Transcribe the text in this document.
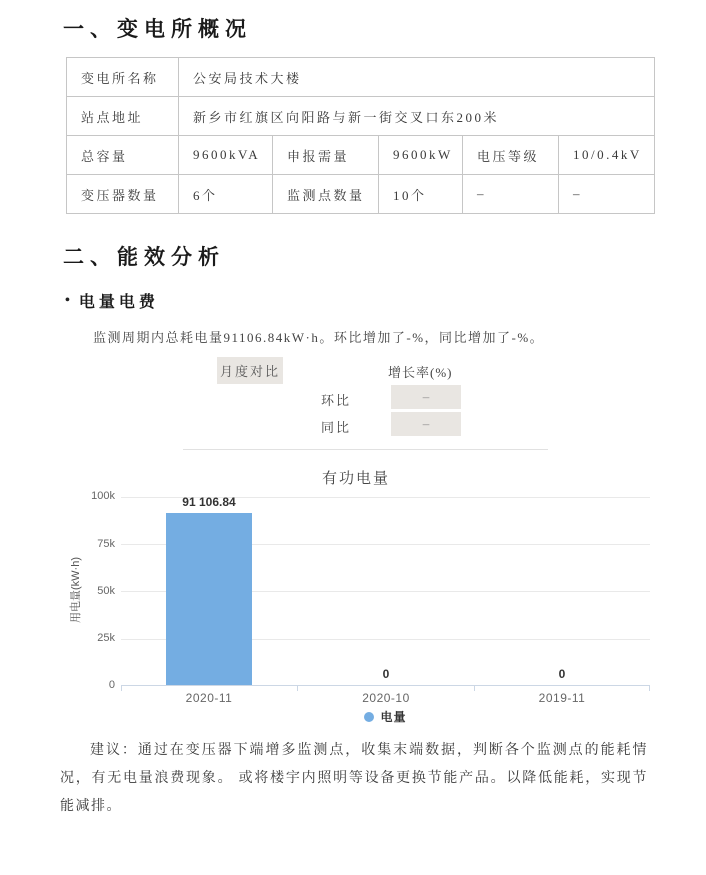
一、变电所概况
变电所名称	公安局技术大楼				
站点地址	新乡市红旗区向阳路与新一街交叉口东200米				
总容量	9600kVA	申报需量	9600kW	电压等级	10/0.4kV
变压器数量	6个	监测点数量	10个	–	–
二、能效分析
• 电量电费

监测周期内总耗电量91106.84kW·h。环比增加了-%，同比增加了-%。

月度对比	增长率(%)
环比	–
同比	–
有功电量
100k
75k
50k
25k
0
用电量(kW·h)
91 106.84
0	0
2020-11	2020-10	2019-11
电量

建议：通过在变压器下端增多监测点，收集末端数据，判断各个监测点的能耗情况，有无电量浪费现象。 或将楼宇内照明等设备更换节能产品。以降低能耗，实现节能减排。
